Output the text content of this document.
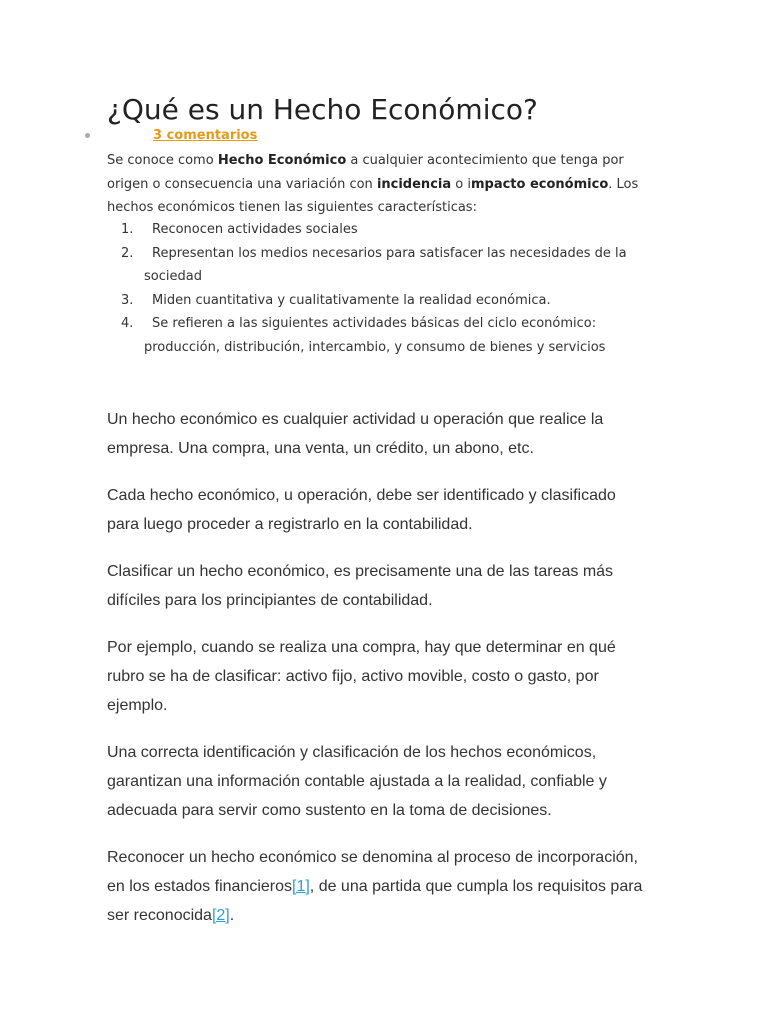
¿Qué es un Hecho Económico?
3 comentarios

Se conoce como Hecho Económico a cualquier acontecimiento que tenga por origen o consecuencia una variación con incidencia o impacto económico. Los hechos económicos tienen las siguientes características:

1. Reconocen actividades sociales
2. Representan los medios necesarios para satisfacer las necesidades de la sociedad
3. Miden cuantitativa y cualitativamente la realidad económica.
4. Se refieren a las siguientes actividades básicas del ciclo económico: producción, distribución, intercambio, y consumo de bienes y servicios

Un hecho económico es cualquier actividad u operación que realice la empresa. Una compra, una venta, un crédito, un abono, etc.

Cada hecho económico, u operación, debe ser identificado y clasificado para luego proceder a registrarlo en la contabilidad.

Clasificar un hecho económico, es precisamente una de las tareas más difíciles para los principiantes de contabilidad.

Por ejemplo, cuando se realiza una compra, hay que determinar en qué rubro se ha de clasificar: activo fijo, activo movible, costo o gasto, por ejemplo.

Una correcta identificación y clasificación de los hechos económicos, garantizan una información contable ajustada a la realidad, confiable y adecuada para servir como sustento en la toma de decisiones.

Reconocer un hecho económico se denomina al proceso de incorporación, en los estados financieros[1], de una partida que cumpla los requisitos para ser reconocida[2].
